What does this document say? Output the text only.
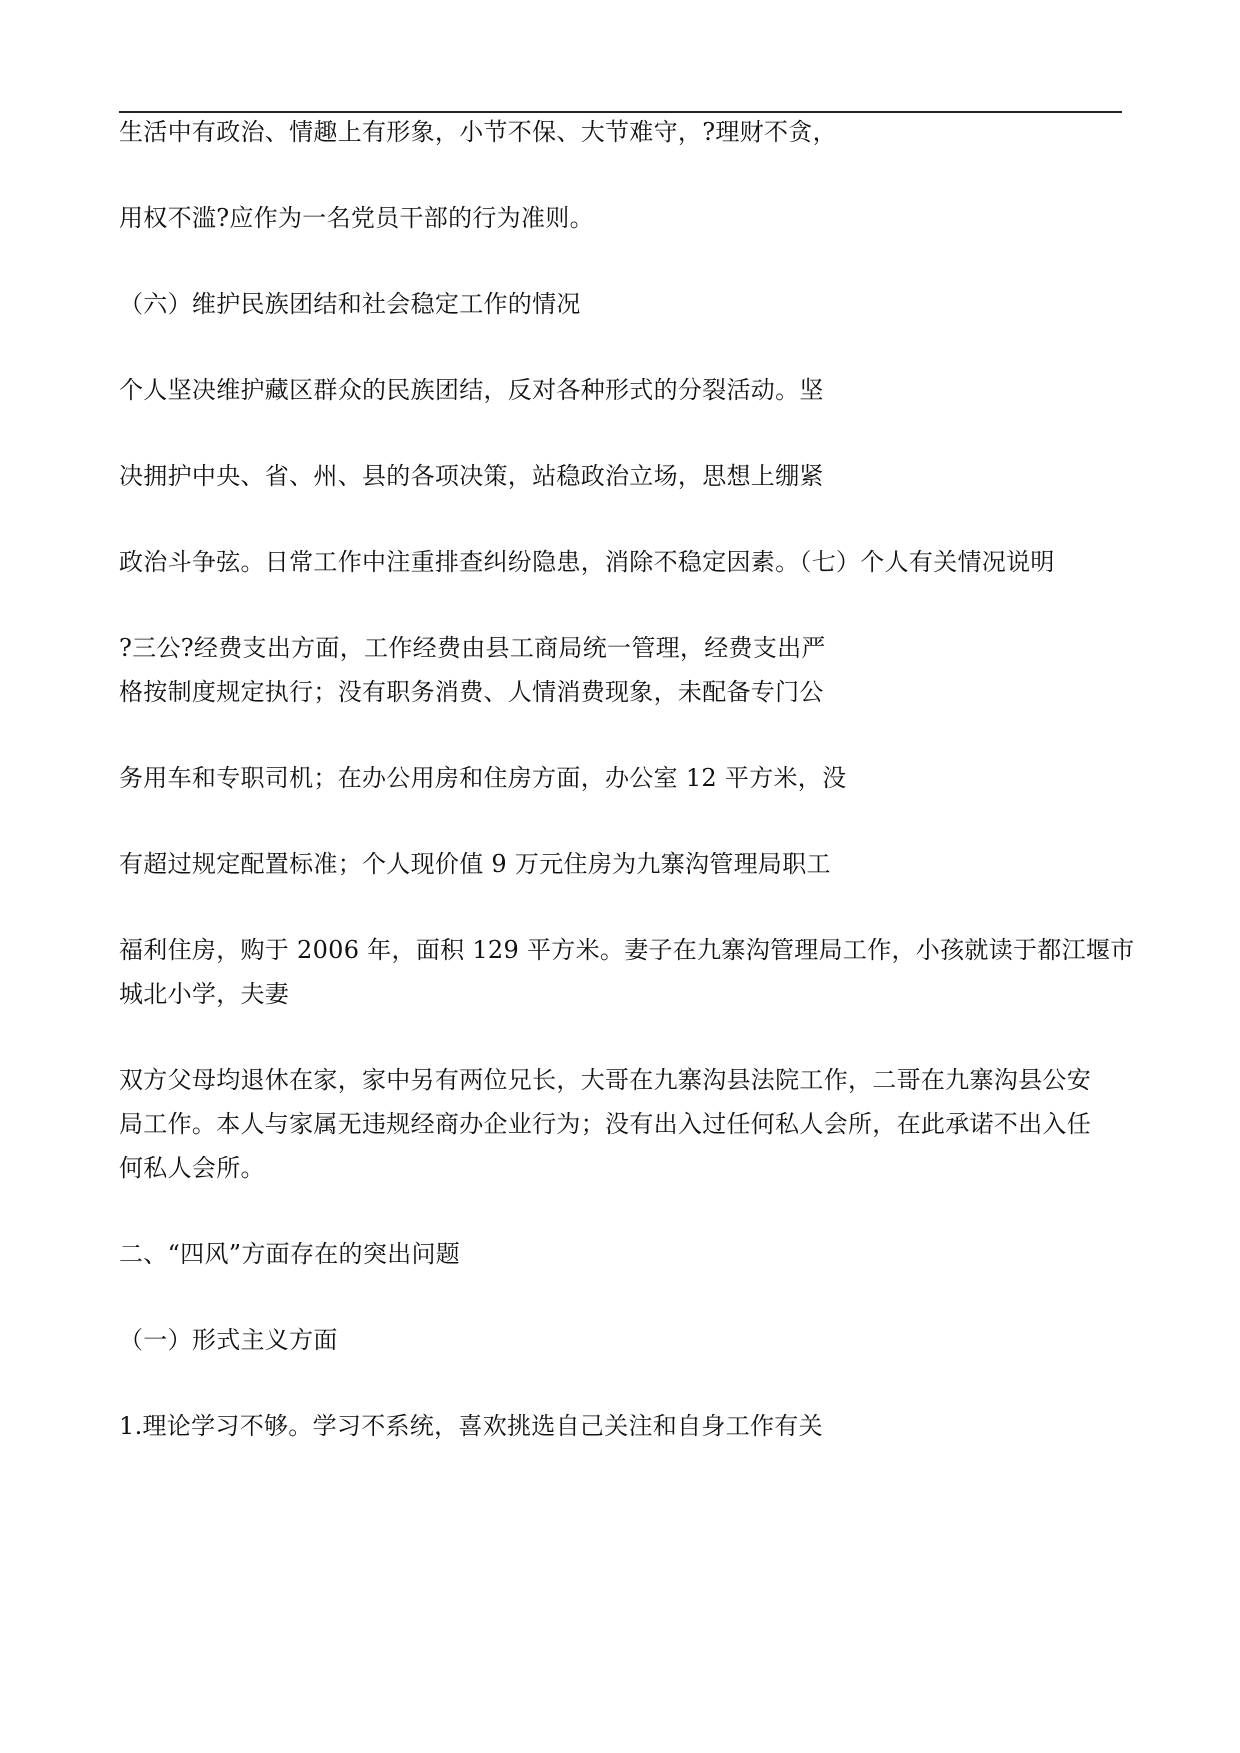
生活中有政治、情趣上有形象，小节不保、大节难守，?理财不贪，
用权不滥?应作为一名党员干部的行为准则。
（六）维护民族团结和社会稳定工作的情况
个人坚决维护藏区群众的民族团结，反对各种形式的分裂活动。坚
决拥护中央、省、州、县的各项决策，站稳政治立场，思想上绷紧
政治斗争弦。日常工作中注重排查纠纷隐患，消除不稳定因素。（七）个人有关情况说明
?三公?经费支出方面，工作经费由县工商局统一管理，经费支出严
格按制度规定执行；没有职务消费、人情消费现象，未配备专门公
务用车和专职司机；在办公用房和住房方面，办公室 12 平方米，没
有超过规定配置标准；个人现价值 9 万元住房为九寨沟管理局职工
福利住房，购于 2006 年，面积 129 平方米。妻子在九寨沟管理局工作，小孩就读于都江堰市
城北小学，夫妻
双方父母均退休在家，家中另有两位兄长，大哥在九寨沟县法院工作，二哥在九寨沟县公安
局工作。本人与家属无违规经商办企业行为；没有出入过任何私人会所，在此承诺不出入任
何私人会所。
二、“四风”方面存在的突出问题
（一）形式主义方面
1.理论学习不够。学习不系统，喜欢挑选自己关注和自身工作有关
